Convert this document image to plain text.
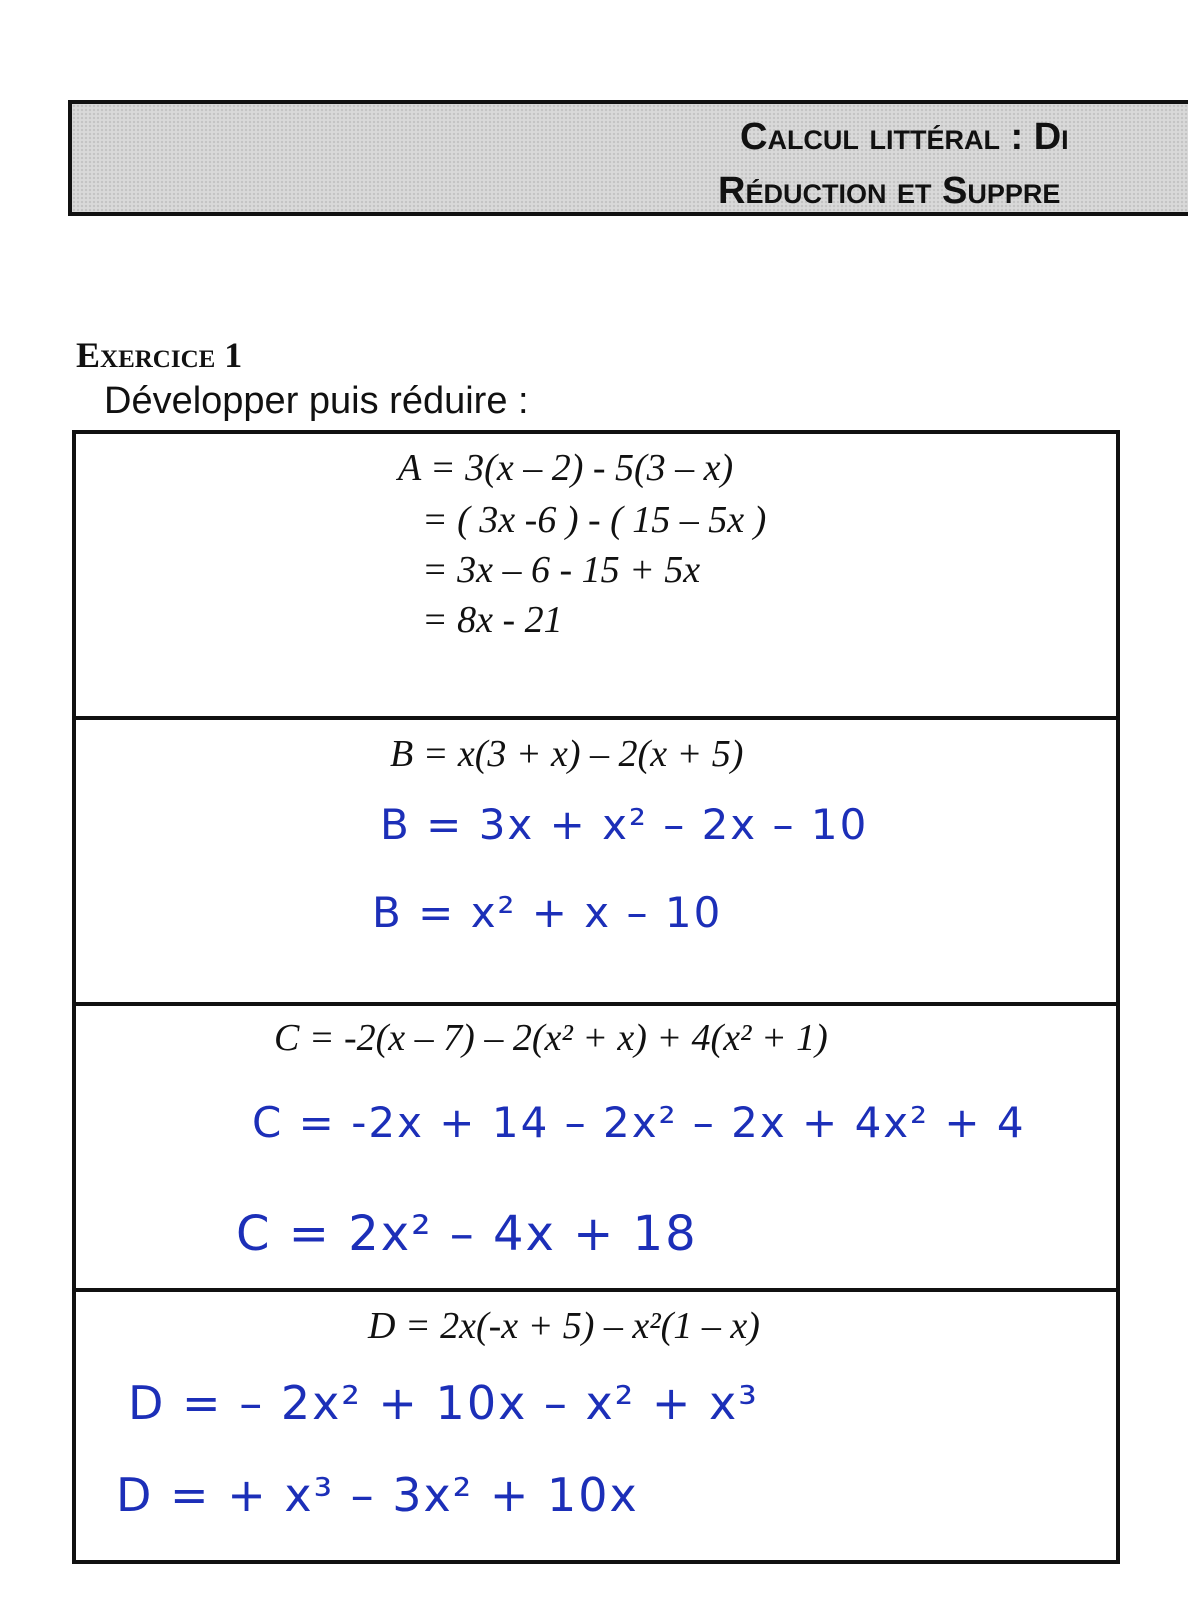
Calcul littéral : Di
Réduction et Suppre
Exercice 1
Développer puis réduire :
A = 3(x – 2) - 5(3 – x)
= ( 3x -6 ) - ( 15 – 5x )
= 3x – 6 - 15 + 5x
= 8x - 21
B = x(3 + x) – 2(x + 5)
B = 3x + x² – 2x – 10
B = x² + x – 10
C = -2(x – 7) – 2(x² + x) + 4(x² + 1)
C = -2x + 14 – 2x² – 2x + 4x² + 4
C = 2x² – 4x + 18
D = 2x(-x + 5) – x²(1 – x)
D = – 2x² + 10x – x² + x³
D = + x³ – 3x² + 10x
